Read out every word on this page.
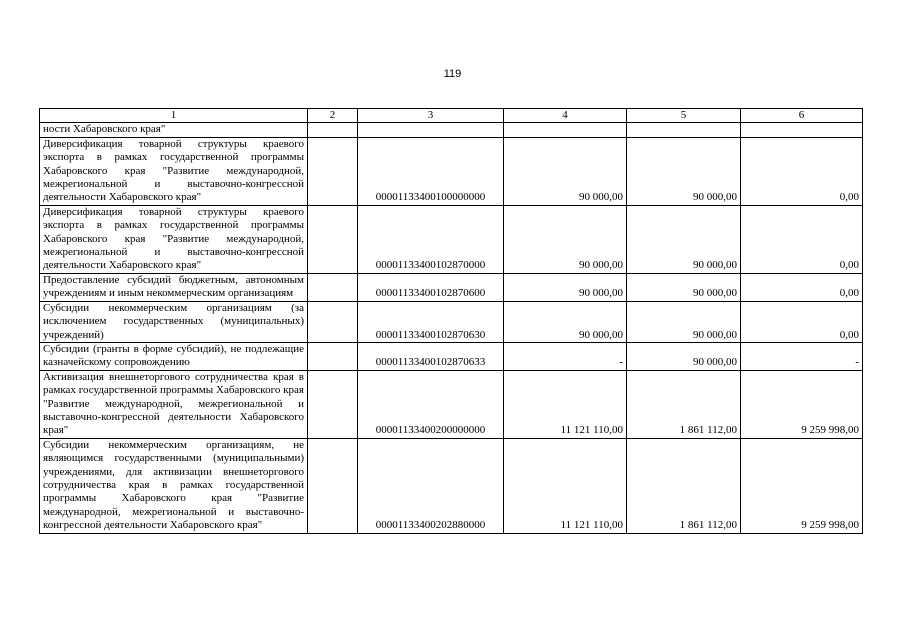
119
1	2	3	4	5	6
ности Хабаровского края"					
Диверсификация товарной структуры краевого экспорта в рамках государственной программы Хабаровского края "Развитие международной, межрегиональной и выставочно-конгрессной деятельности Хабаровского края"		00001133400100000000	90 000,00	90 000,00	0,00
Диверсификация товарной структуры краевого экспорта в рамках государственной программы Хабаровского края "Развитие международной, межрегиональной и выставочно-конгрессной деятельности Хабаровского края"		00001133400102870000	90 000,00	90 000,00	0,00
Предоставление субсидий бюджетным, автономным учреждениям и иным некоммерческим организациям		00001133400102870600	90 000,00	90 000,00	0,00
Субсидии некоммерческим организациям (за исключением государственных (муниципальных) учреждений)		00001133400102870630	90 000,00	90 000,00	0,00
Субсидии (гранты в форме субсидий), не подлежащие казначейскому сопровождению		00001133400102870633	-	90 000,00	-
Активизация внешнеторгового сотрудничества края в рамках государственной программы Хабаровского края "Развитие международной, межрегиональной и выставочно-конгрессной деятельности Хабаровского края"		00001133400200000000	11 121 110,00	1 861 112,00	9 259 998,00
Субсидии некоммерческим организациям, не являющимся государственными (муниципальными) учреждениями, для активизации внешнеторгового сотрудничества края в рамках государственной программы Хабаровского края "Развитие международной, межрегиональной и выставочно-конгрессной деятельности Хабаровского края"		00001133400202880000	11 121 110,00	1 861 112,00	9 259 998,00
